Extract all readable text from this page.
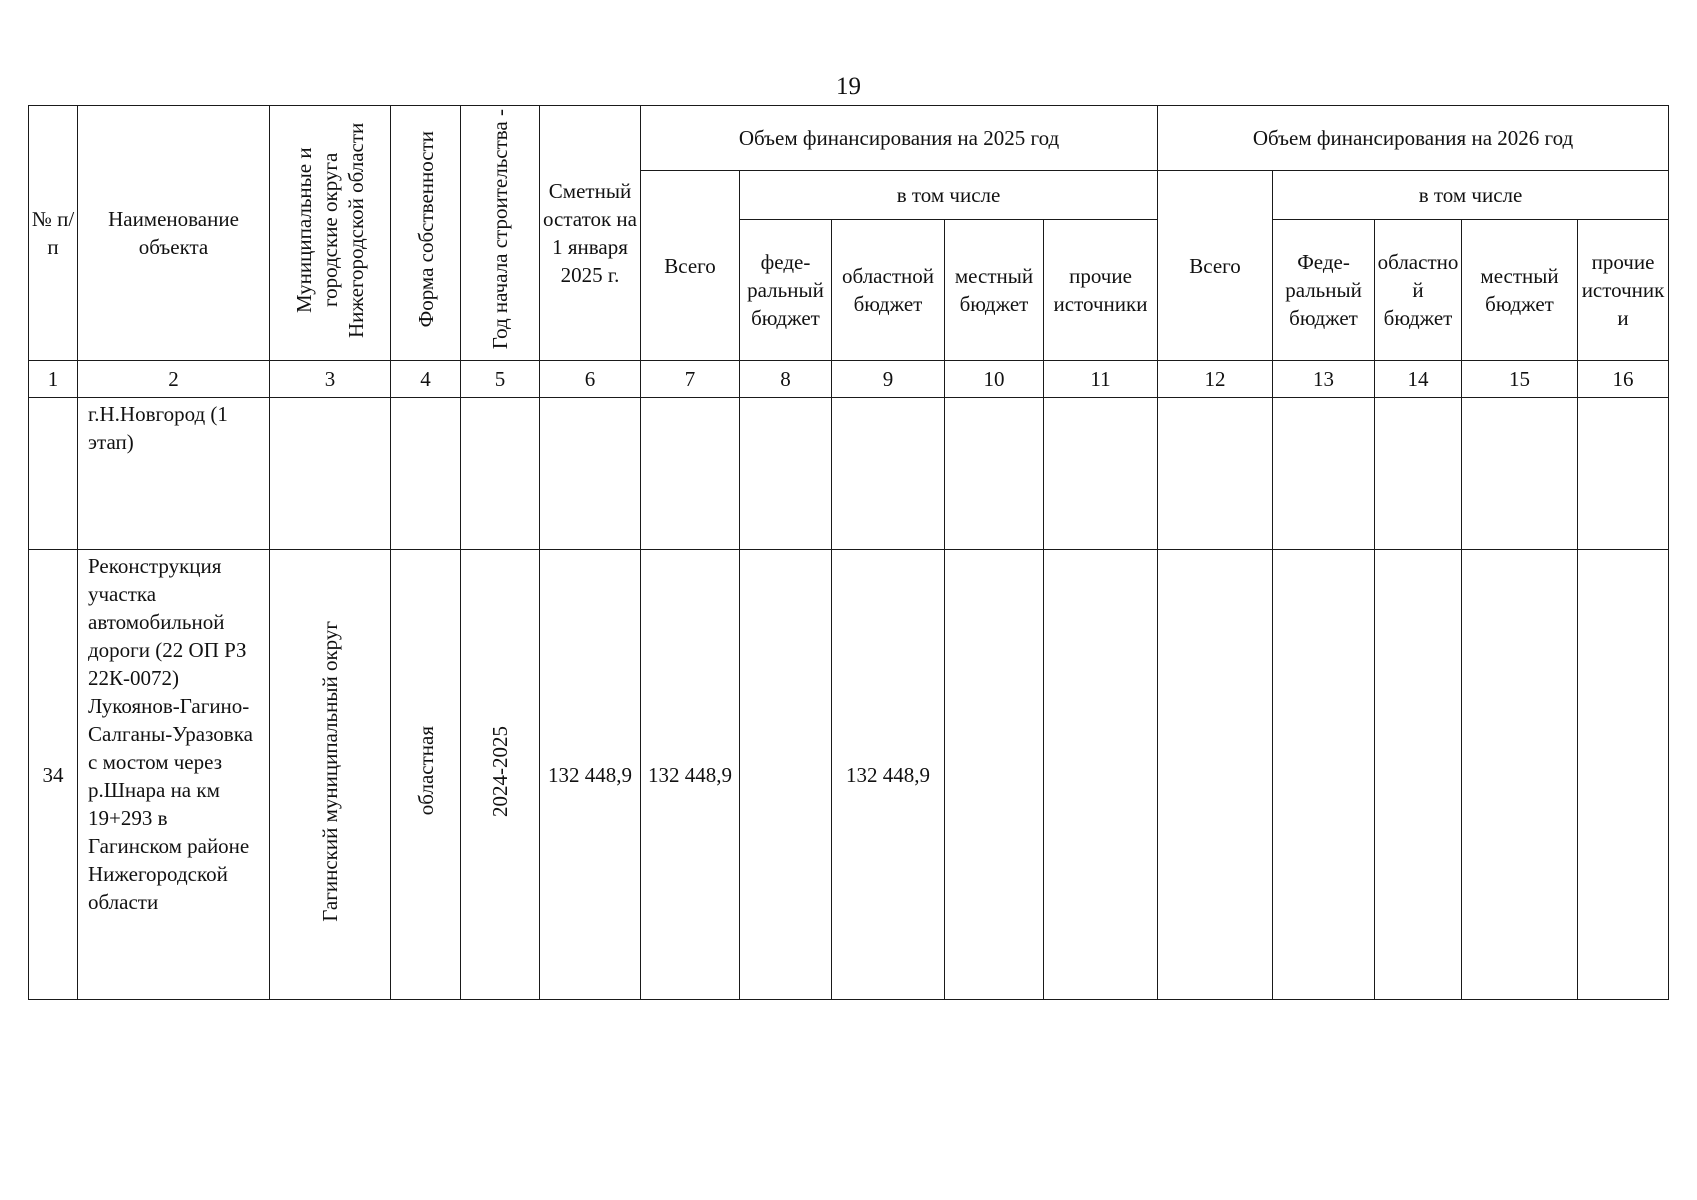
19
№ п/п	Наименование объекта	Муниципальные и городские округа Нижегородской области	Форма собственности	Год начала строительства -	Сметный остаток на 1 января 2025 г.	Объем финансирования на 2025 год					Объем финансирования на 2026 год				
						Всего	в том числе				Всего	в том числе			
							феде-ральный бюджет	областной бюджет	местный бюджет	прочие источники		Феде-ральный бюджет	областной бюджет	местный бюджет	прочие источники
1	2	3	4	5	6	7	8	9	10	11	12	13	14	15	16
	г.Н.Новгород (1 этап)														
34	Реконструкция участка автомобильной дороги (22 ОП РЗ 22К-0072) Лукоянов-Гагино-Салганы-Уразовка с мостом через р.Шнара на км 19+293 в Гагинском районе Нижегородской области	Гагинский муниципальный округ	областная	2024-2025	132 448,9	132 448,9		132 448,9							
